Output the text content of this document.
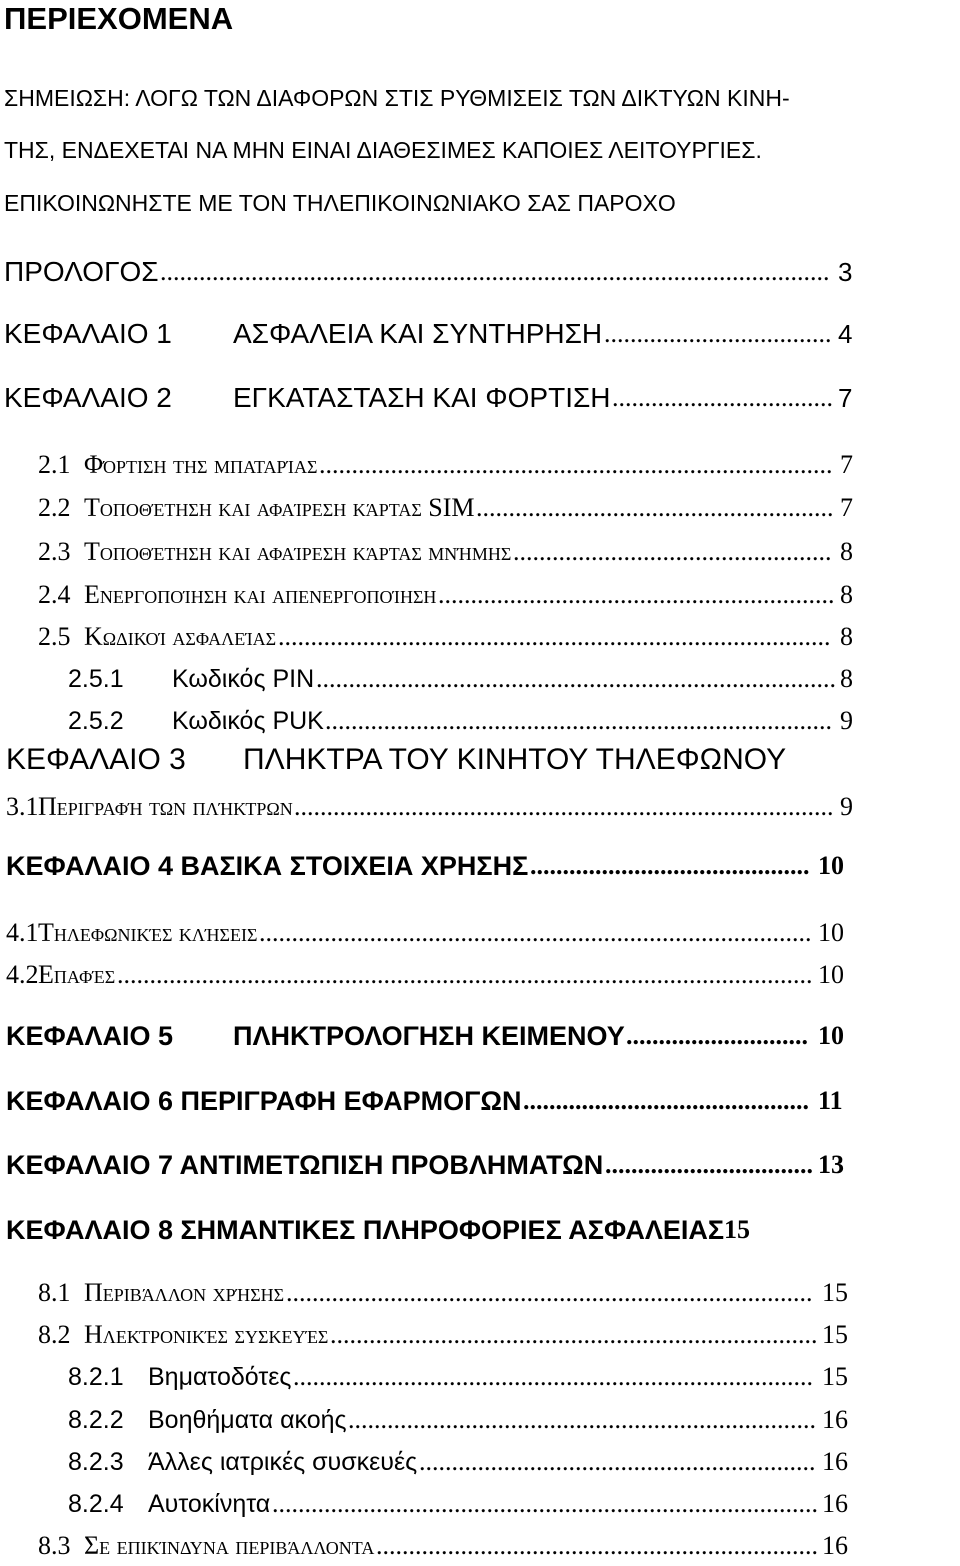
ΠΕΡΙΕΧΟΜΕΝΑ
ΣΗΜΕΙΩΣΗ: ΛΟΓΩ ΤΩΝ ΔΙΑΦΟΡΩΝ ΣΤΙΣ ΡΥΘΜΙΣΕΙΣ ΤΩΝ ΔΙΚΤΥΩΝ ΚΙΝΗ-
ΤΗΣ, ΕΝΔΕΧΕΤΑΙ ΝΑ ΜΗΝ ΕΙΝΑΙ ΔΙΑΘΕΣΙΜΕΣ ΚΑΠΟΙΕΣ ΛΕΙΤΟΥΡΓΙΕΣ.
ΕΠΙΚΟΙΝΩΝΗΣΤΕ ΜΕ ΤΟΝ ΤΗΛΕΠΙΚΟΙΝΩΝΙΑΚΟ ΣΑΣ ΠΑΡΟΧΟ
ΠΡΟΛΟΓΟΣ ....................................................................................................... 3
ΚΕΦΑΛΑΙΟ 1 ΑΣΦΑΛΕΙΑ ΚΑΙ ΣΥΝΤΗΡΗΣΗ ................................... 4
ΚΕΦΑΛΑΙΟ 2 ΕΓΚΑΤΑΣΤΑΣΗ ΚΑΙ ΦΟΡΤΙΣΗ .................................. 7
2.1 Φόρτιση της μπαταρίας ............................................................................... 7
2.2 Τοποθέτηση και αφαίρεση κάρτας SIM ....................................................... 7
2.3 Τοποθέτηση και αφαίρεση κάρτας μνήμης ................................................. 8
2.4 Ενεργοποίηση και απενεργοποίηση ............................................................. 8
2.5 Κωδικοί ασφαλείας ..................................................................................... 8
2.5.1 Κωδικός PIN ................................................................................ 8
2.5.2 Κωδικός PUK .............................................................................. 9
ΚΕΦΑΛΑΙΟ 3 ΠΛΗΚΤΡΑ ΤΟΥ ΚΙΝΗΤΟΥ ΤΗΛΕΦΩΝΟΥ
3.1 Περιγραφή των πλήκτρων ................................................................................... 9
ΚΕΦΑΛΑΙΟ 4 ΒΑΣΙΚΑ ΣΤΟΙΧΕΙΑ ΧΡΗΣΗΣ ........................................... 10
4.1 Τηλεφωνικές κλήσεις ..................................................................................... 10
4.2 Επαφές ........................................................................................................... 10
ΚΕΦΑΛΑΙΟ 5 ΠΛΗΚΤΡΟΛΟΓΗΣΗ ΚΕΙΜΕΝΟΥ ............................ 10
ΚΕΦΑΛΑΙΟ 6 ΠΕΡΙΓΡΑΦΗ ΕΦΑΡΜΟΓΩΝ ............................................ 11
ΚΕΦΑΛΑΙΟ 7 ΑΝΤΙΜΕΤΩΠΙΣΗ ΠΡΟΒΛΗΜΑΤΩΝ ................................ 13
ΚΕΦΑΛΑΙΟ 8 ΣΗΜΑΝΤΙΚΕΣ ΠΛΗΡΟΦΟΡΙΕΣ ΑΣΦΑΛΕΙΑΣ 15
8.1 Περιβάλλον χρήσης ................................................................................. 15
8.2 Ηλεκτρονικές συσκευές ........................................................................... 15
8.2.1 Βηματοδότες ................................................................................ 15
8.2.2 Βοηθήματα ακοής ........................................................................ 16
8.2.3 Άλλες ιατρικές συσκευές ............................................................. 16
8.2.4 Αυτοκίνητα .................................................................................... 16
8.3 Σε επικίνδυνα περιβάλλοντα .................................................................... 16
